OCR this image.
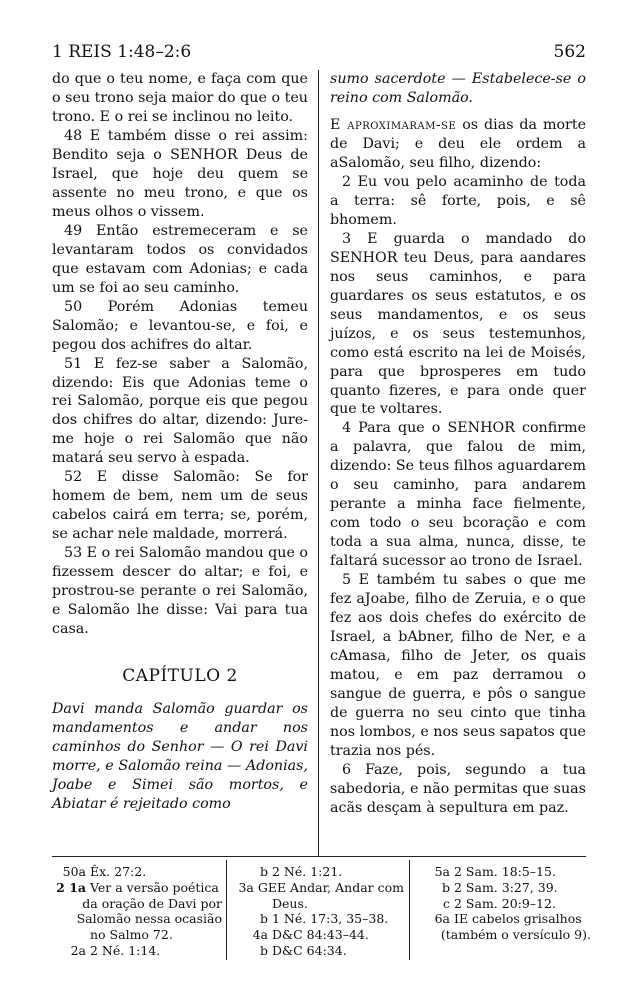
1 REIS 1:48–2:6	562

do que o teu nome, e faça com que o seu trono seja maior do que o teu trono. E o rei se inclinou no leito.

48 E também disse o rei assim: Bendito seja o SENHOR Deus de Israel, que hoje deu quem se assente no meu trono, e que os meus olhos o vissem.

49 Então estremeceram e se levantaram todos os convidados que estavam com Adonias; e cada um se foi ao seu caminho.

50 Porém Adonias temeu Salomão; e levantou-se, e foi, e pegou dos achifres do altar.

51 E fez-se saber a Salomão, dizendo: Eis que Adonias teme o rei Salomão, porque eis que pegou dos chifres do altar, dizendo: Jure-me hoje o rei Salomão que não matará seu servo à espada.

52 E disse Salomão: Se for homem de bem, nem um de seus cabelos cairá em terra; se, porém, se achar nele maldade, morrerá.

53 E o rei Salomão mandou que o fizessem descer do altar; e foi, e prostrou-se perante o rei Salomão, e Salomão lhe disse: Vai para tua casa.

CAPÍTULO 2

Davi manda Salomão guardar os mandamentos e andar nos caminhos do Senhor — O rei Davi morre, e Salomão reina — Adonias, Joabe e Simei são mortos, e Abiatar é rejeitado como

sumo sacerdote — Estabelece-se o reino com Salomão.

E aproximaram-se os dias da morte de Davi; e deu ele ordem a aSalomão, seu filho, dizendo:

2 Eu vou pelo acaminho de toda a terra: sê forte, pois, e sê bhomem.

3 E guarda o mandado do SENHOR teu Deus, para aandares nos seus caminhos, e para guardares os seus estatutos, e os seus mandamentos, e os seus juízos, e os seus testemunhos, como está escrito na lei de Moisés, para que bprosperes em tudo quanto fizeres, e para onde quer que te voltares.

4 Para que o SENHOR confirme a palavra, que falou de mim, dizendo: Se teus filhos aguardarem o seu caminho, para andarem perante a minha face fielmente, com todo o seu bcoração e com toda a sua alma, nunca, disse, te faltará sucessor ao trono de Israel.

5 E também tu sabes o que me fez aJoabe, filho de Zeruia, e o que fez aos dois chefes do exército de Israel, a bAbner, filho de Ner, e a cAmasa, filho de Jeter, os quais matou, e em paz derramou o sangue de guerra, e pôs o sangue de guerra no seu cinto que tinha nos lombos, e nos seus sapatos que trazia nos pés.

6 Faze, pois, segundo a tua sabedoria, e não permitas que suas acãs desçam à sepultura em paz.

50a Êx. 27:2.
2 1a Ver a versão poética
da oração de Davi por
Salomão nessa ocasião
no Salmo 72.
2a 2 Né. 1:14.
b 2 Né. 1:21.
3a GEE Andar, Andar com
Deus.
b 1 Né. 17:3, 35–38.
4a D&C 84:43–44.
b D&C 64:34.
5a 2 Sam. 18:5–15.
b 2 Sam. 3:27, 39.
c 2 Sam. 20:9–12.
6a IE cabelos grisalhos
(também o versículo 9).
